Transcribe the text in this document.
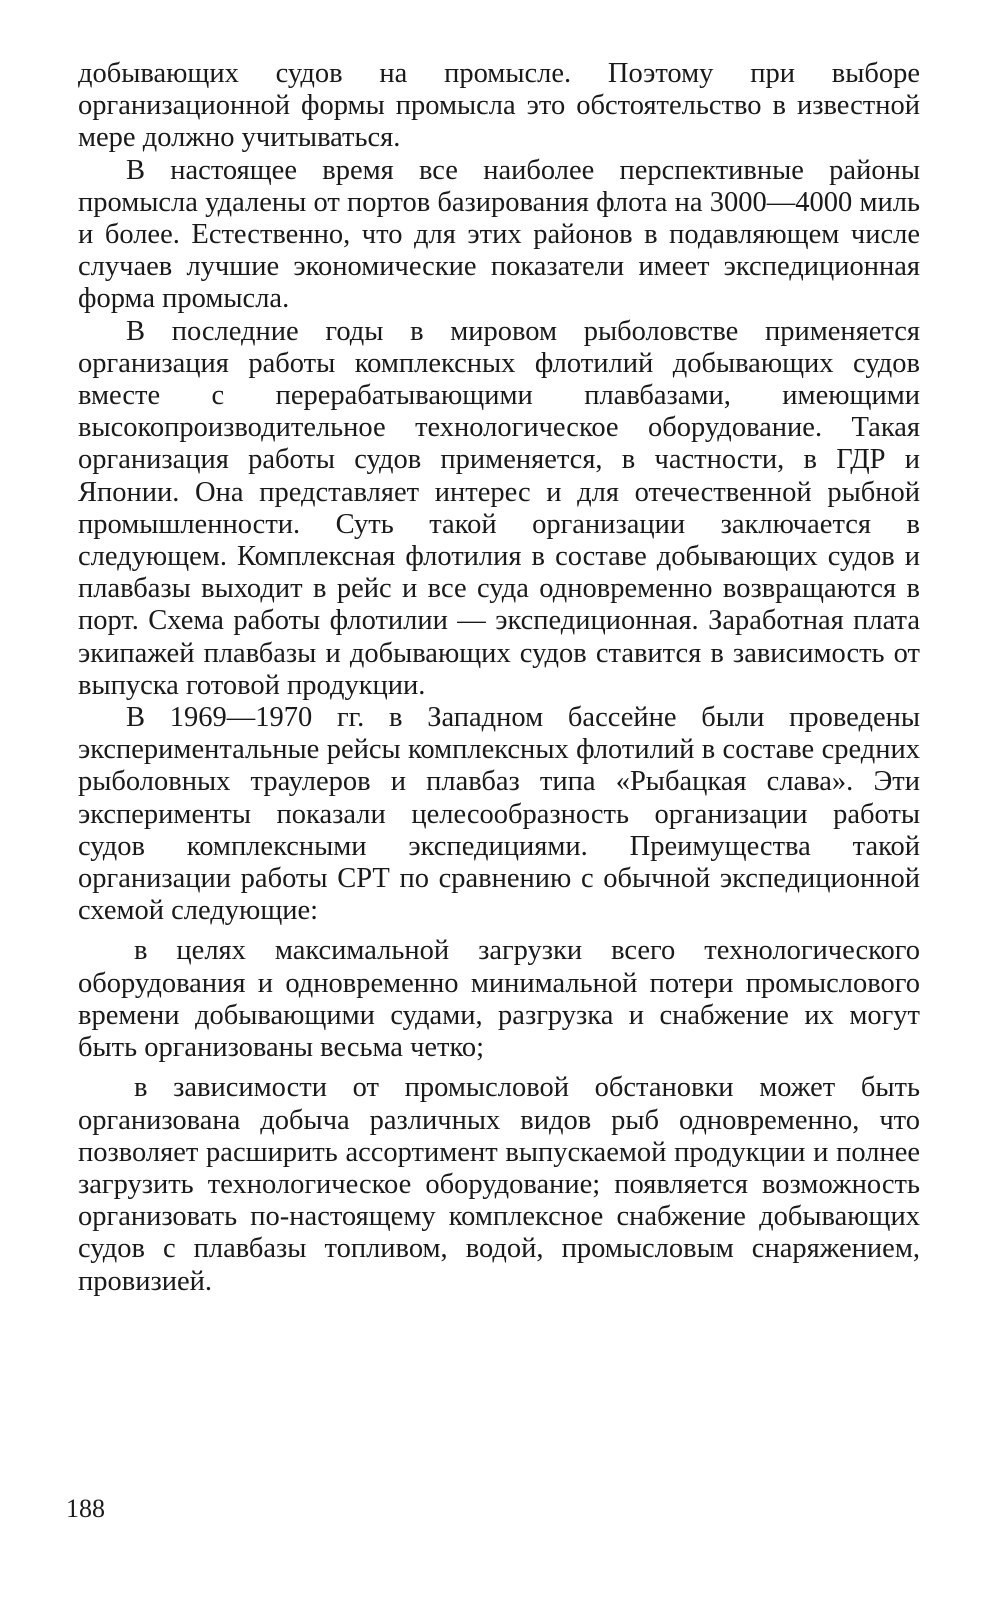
добывающих судов на промысле. Поэтому при выборе организационной формы промысла это обстоятельство в известной мере должно учитываться.

В настоящее время все наиболее перспективные районы промысла удалены от портов базирования флота на 3000—4000 миль и более. Естественно, что для этих районов в подавляющем числе случаев лучшие экономические показатели имеет экспедиционная форма промысла.

В последние годы в мировом рыболовстве применяется организация работы комплексных флотилий добывающих судов вместе с перерабатывающими плавбазами, имеющими высокопроизводительное технологическое оборудование. Такая организация работы судов применяется, в частности, в ГДР и Японии. Она представляет интерес и для отечественной рыбной промышленности. Суть такой организации заключается в следующем. Комплексная флотилия в составе добывающих судов и плавбазы выходит в рейс и все суда одновременно возвращаются в порт. Схема работы флотилии — экспедиционная. Заработная плата экипажей плавбазы и добывающих судов ставится в зависимость от выпуска готовой продукции.

В 1969—1970 гг. в Западном бассейне были проведены экспериментальные рейсы комплексных флотилий в составе средних рыболовных траулеров и плавбаз типа «Рыбацкая слава». Эти эксперименты показали целесообразность организации работы судов комплексными экспедициями. Преимущества такой организации работы СРТ по сравнению с обычной экспедиционной схемой следующие:

в целях максимальной загрузки всего технологического оборудования и одновременно минимальной потери промыслового времени добывающими судами, разгрузка и снабжение их могут быть организованы весьма четко;

в зависимости от промысловой обстановки может быть организована добыча различных видов рыб одновременно, что позволяет расширить ассортимент выпускаемой продукции и полнее загрузить технологическое оборудование; появляется возможность организовать по-настоящему комплексное снабжение добывающих судов с плавбазы топливом, водой, промысловым снаряжением, провизией.

188
